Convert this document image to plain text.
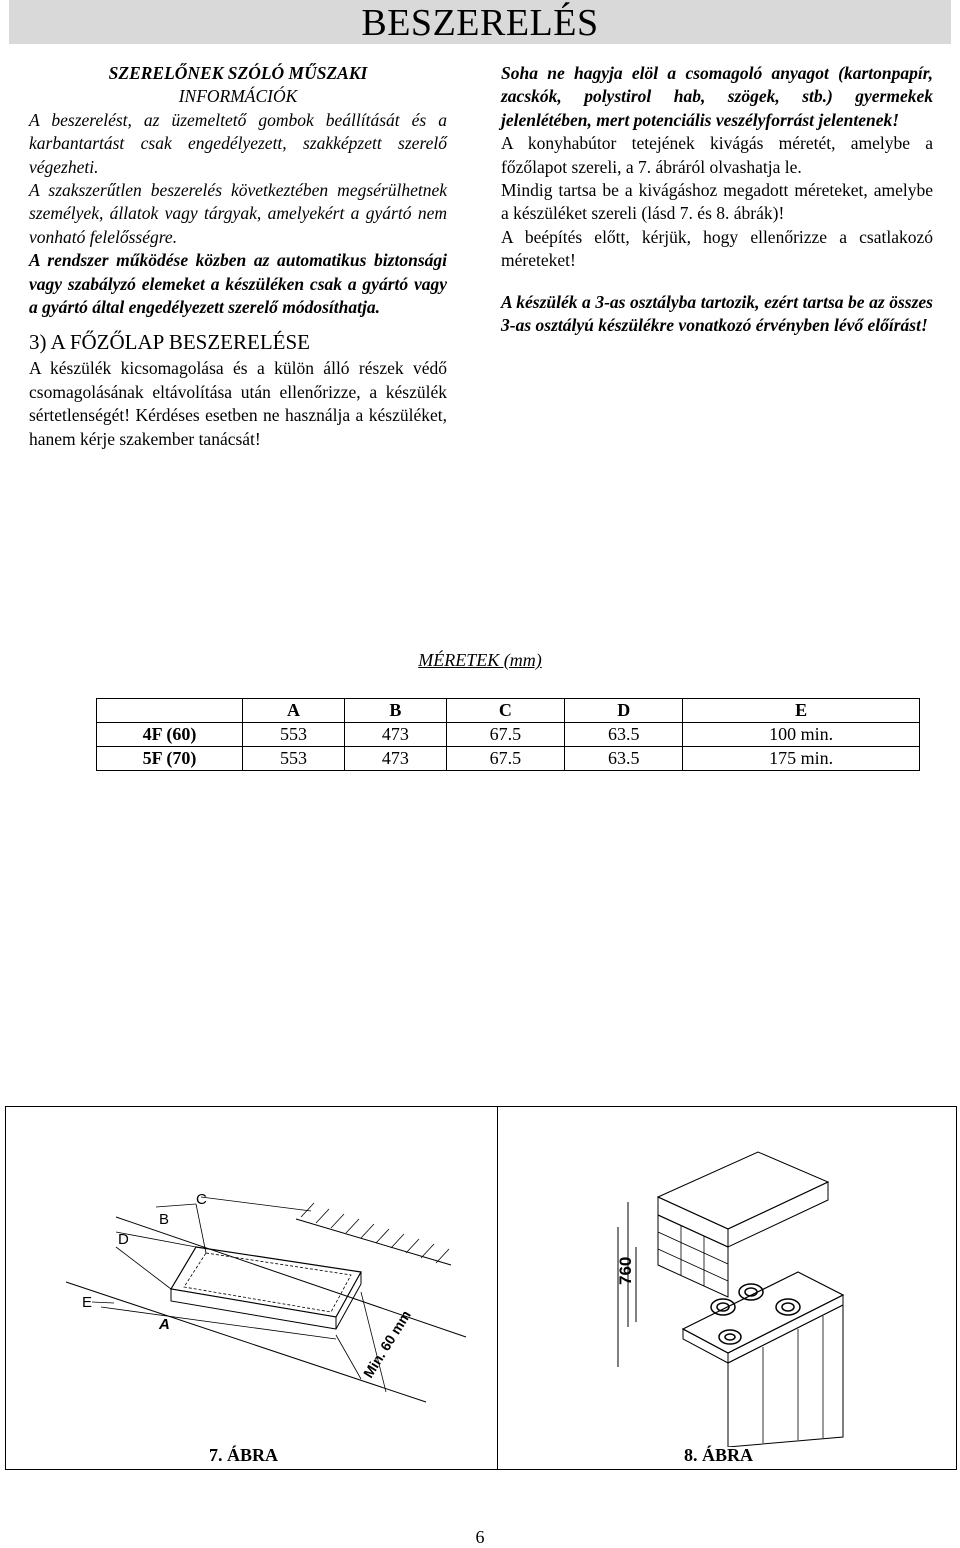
BESZERELÉS

SZERELŐNEK SZÓLÓ MŰSZAKI

INFORMÁCIÓK

A beszerelést, az üzemeltető gombok beállítását és a karbantartást csak engedélyezett, szakképzett szerelő végezheti.

A szakszerűtlen beszerelés következtében megsérülhetnek személyek, állatok vagy tárgyak, amelyekért a gyártó nem vonható felelősségre.

A rendszer működése közben az automatikus biztonsági vagy szabályzó elemeket a készüléken csak a gyártó vagy a gyártó által engedélyezett szerelő módosíthatja.

3) A FŐZŐLAP BESZERELÉSE

A készülék kicsomagolása és a külön álló részek védő csomagolásának eltávolítása után ellenőrizze, a készülék sértetlenségét! Kérdéses esetben ne használja a készüléket, hanem kérje szakember tanácsát!

Soha ne hagyja elöl a csomagoló anyagot (kartonpapír, zacskók, polystirol hab, szögek, stb.) gyermekek jelenlétében, mert potenciális veszélyforrást jelentenek!

A konyhabútor tetejének kivágás méretét, amelybe a főzőlapot szereli, a 7. ábráról olvashatja le.

Mindig tartsa be a kivágáshoz megadott méreteket, amelybe a készüléket szereli (lásd 7. és 8. ábrák)!

A beépítés előtt, kérjük, hogy ellenőrizze a csatlakozó méreteket!

A készülék a 3-as osztályba tartozik, ezért tartsa be az összes 3-as osztályú készülékre vonatkozó érvényben lévő előírást!

MÉRETEK (mm)
	A	B	C	D	E
4F (60)	553	473	67.5	63.5	100 min.
5F (70)	553	473	67.5	63.5	175 min.
D
B
C
E
A	Min. 60 mm
760
7. ÁBRA	8. ÁBRA
6
